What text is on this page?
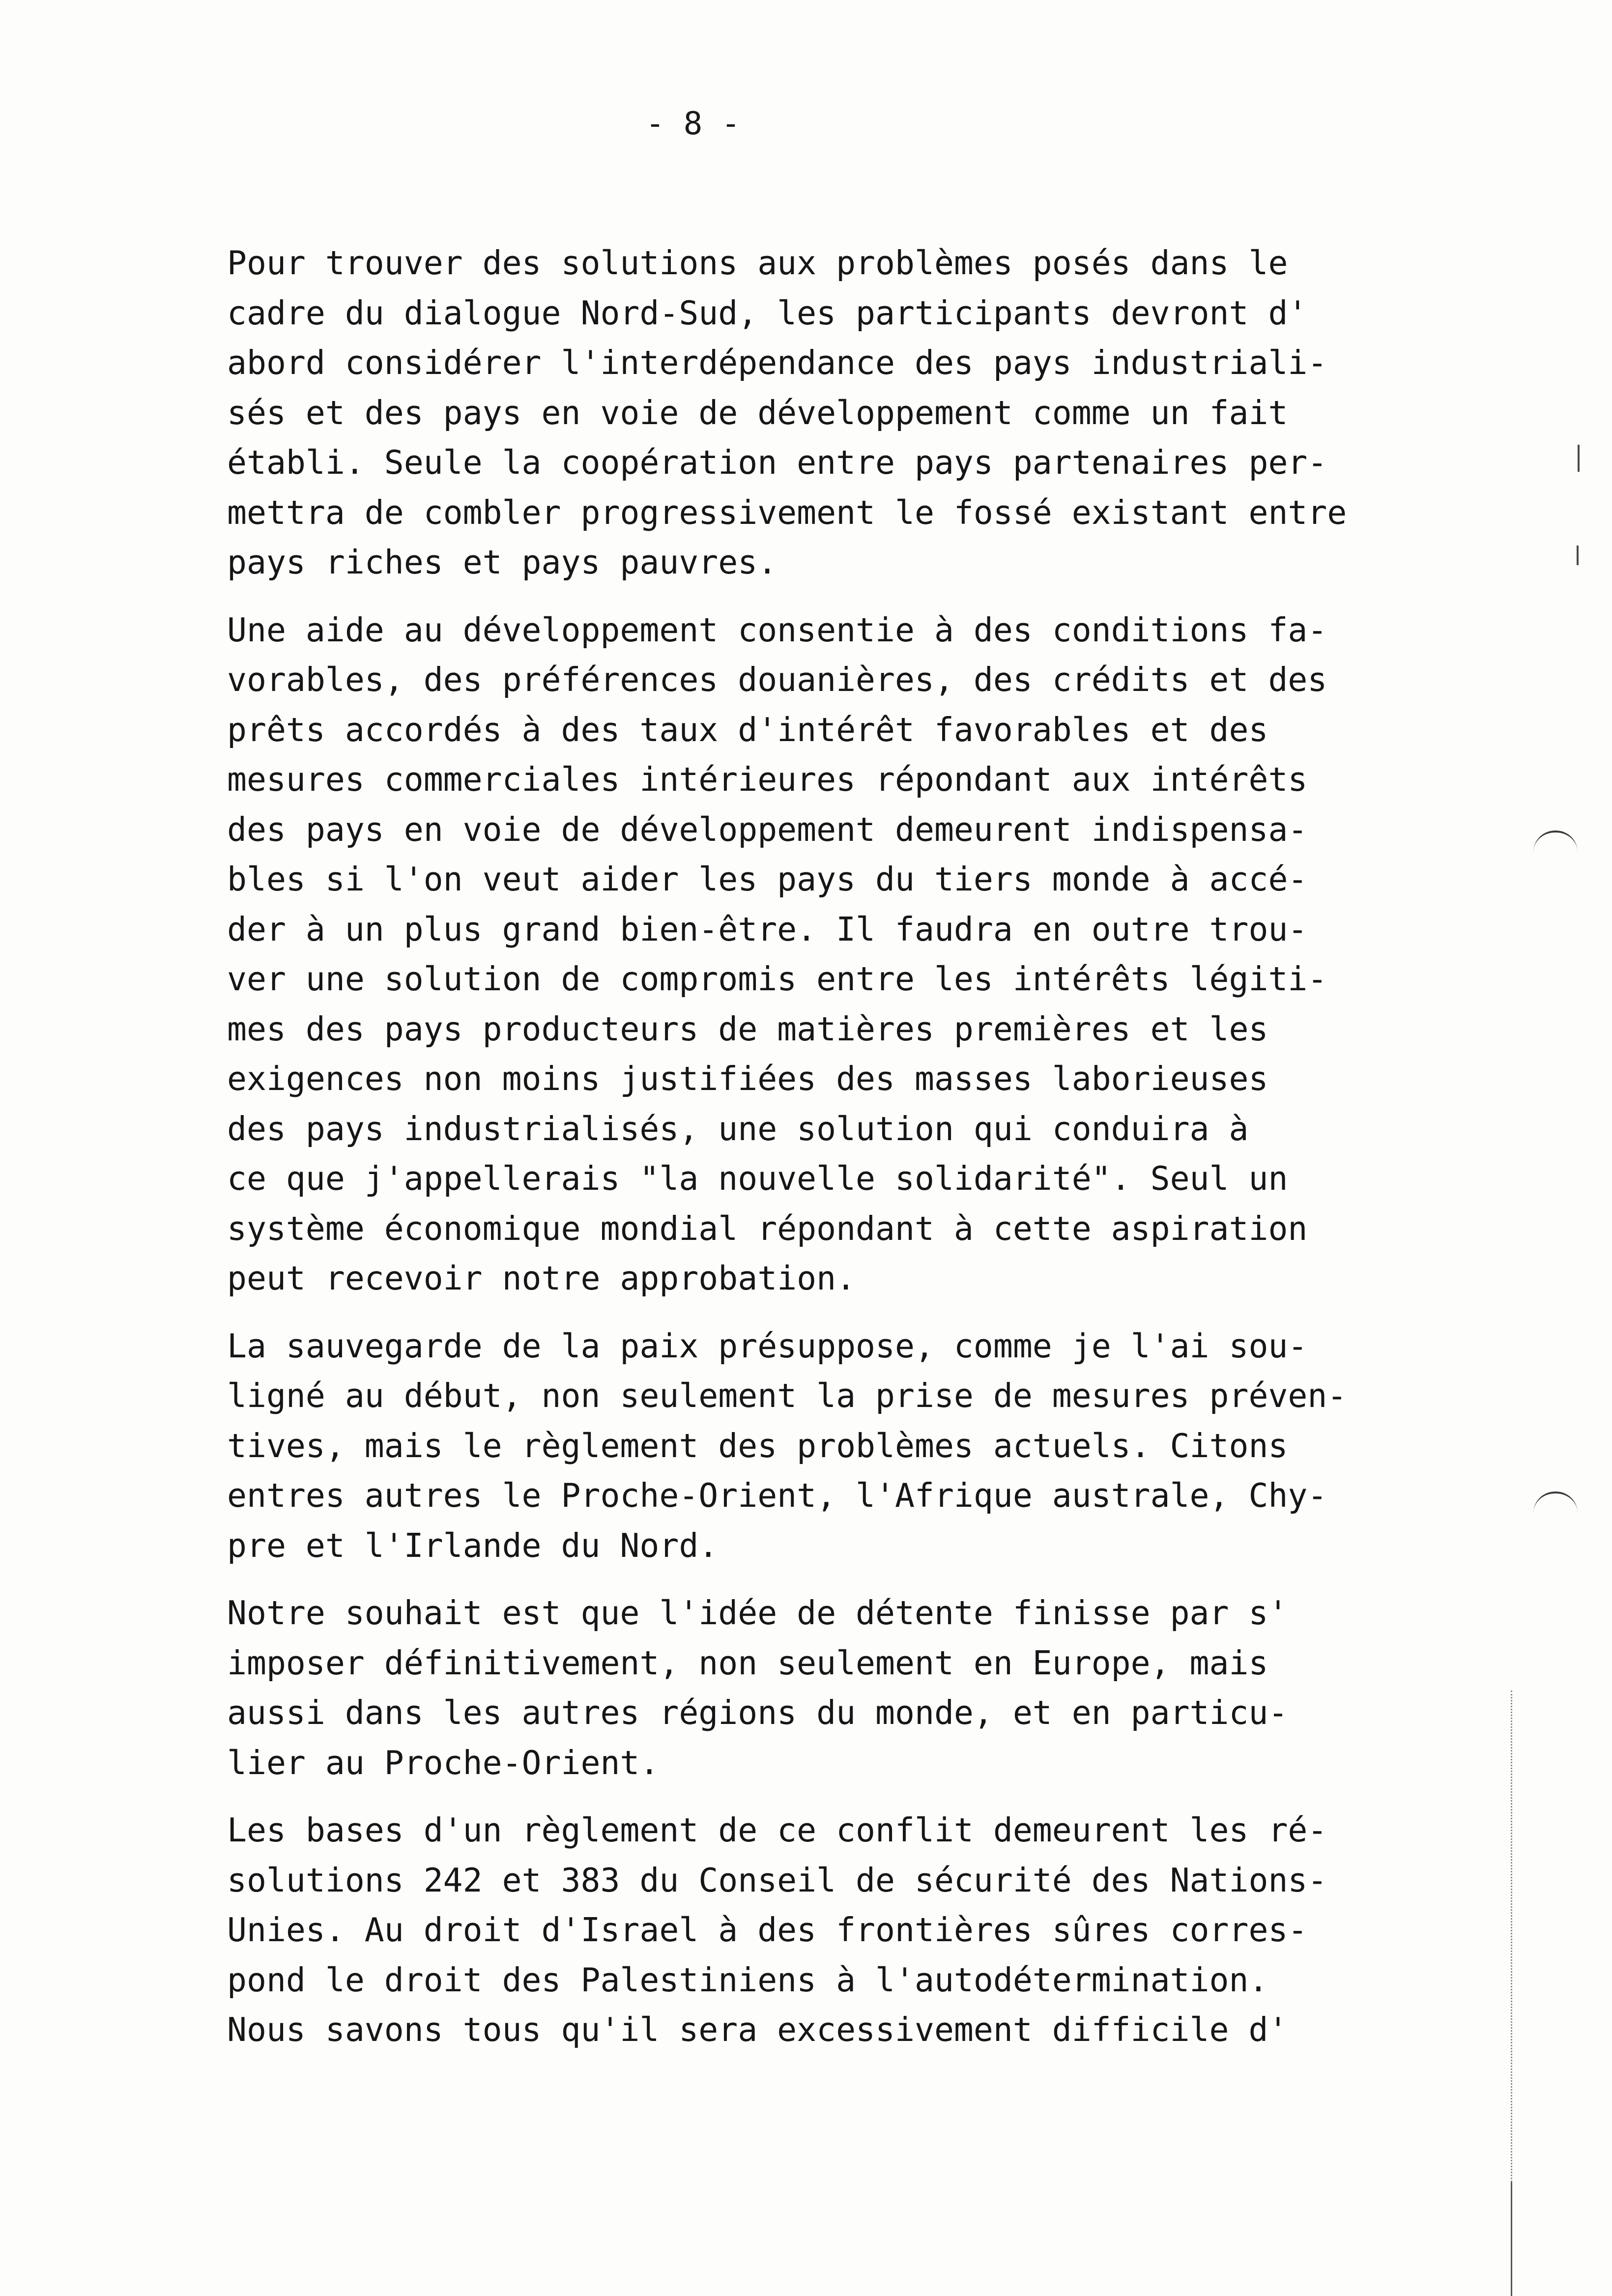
- 8 -
Pour trouver des solutions aux problèmes posés dans le
cadre du dialogue Nord-Sud, les participants devront d'
abord considérer l'interdépendance des pays industriali-
sés et des pays en voie de développement comme un fait
établi. Seule la coopération entre pays partenaires per-
mettra de combler progressivement le fossé existant entre
pays riches et pays pauvres.
Une aide au développement consentie à des conditions fa-
vorables, des préférences douanières, des crédits et des
prêts accordés à des taux d'intérêt favorables et des
mesures commerciales intérieures répondant aux intérêts
des pays en voie de développement demeurent indispensa-
bles si l'on veut aider les pays du tiers monde à accé-
der à un plus grand bien-être. Il faudra en outre trou-
ver une solution de compromis entre les intérêts légiti-
mes des pays producteurs de matières premières et les
exigences non moins justifiées des masses laborieuses
des pays industrialisés, une solution qui conduira à
ce que j'appellerais "la nouvelle solidarité". Seul un
système économique mondial répondant à cette aspiration
peut recevoir notre approbation.
La sauvegarde de la paix présuppose, comme je l'ai sou-
ligné au début, non seulement la prise de mesures préven-
tives, mais le règlement des problèmes actuels. Citons
entres autres le Proche-Orient, l'Afrique australe, Chy-
pre et l'Irlande du Nord.
Notre souhait est que l'idée de détente finisse par s'
imposer définitivement, non seulement en Europe, mais
aussi dans les autres régions du monde, et en particu-
lier au Proche-Orient.
Les bases d'un règlement de ce conflit demeurent les ré-
solutions 242 et 383 du Conseil de sécurité des Nations-
Unies. Au droit d'Israel à des frontières sûres corres-
pond le droit des Palestiniens à l'autodétermination.
Nous savons tous qu'il sera excessivement difficile d'
